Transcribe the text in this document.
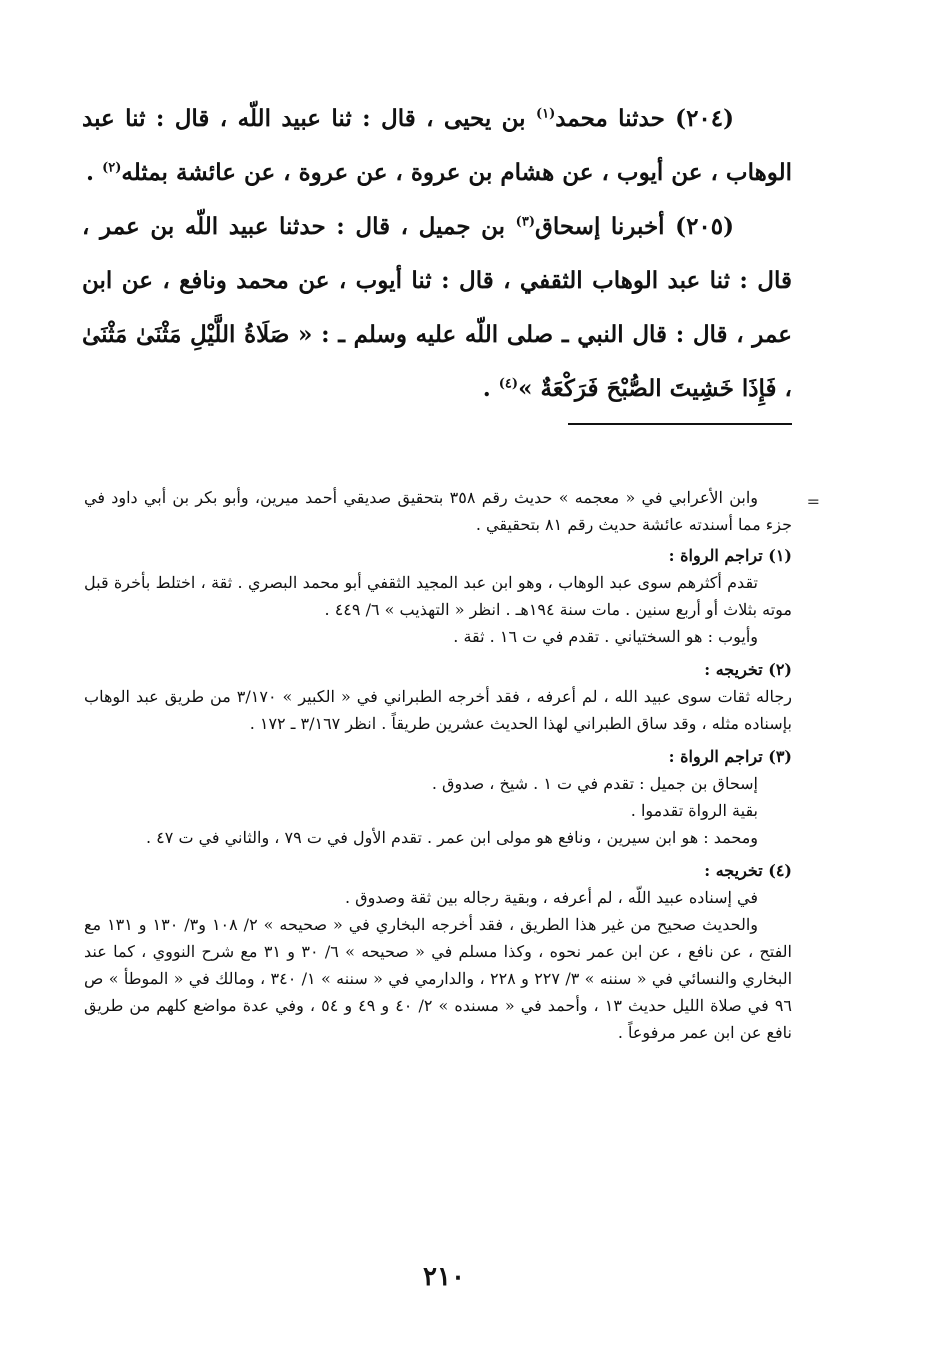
(٢٠٤) حدثنا محمد$^{(١)}$ بن يحيى ، قال : ثنا عبيد اللّه ، قال : ثنا عبد الوهاب ، عن أيوب ، عن هشام بن عروة ، عن عروة ، عن عائشة بمثله$^{(٢)}$ .

(٢٠٥) أخبرنا إسحاق$^{(٣)}$ بن جميل ، قال : حدثنا عبيد اللّه بن عمر ، قال : ثنا عبد الوهاب الثقفي ، قال : ثنا أيوب ، عن محمد ونافع ، عن ابن عمر ، قال : قال النبي ـ صلى اللّه عليه وسلم ـ : « صَلَاةُ اللَّيْلِ مَثْنَىٰ مَثْنَىٰ ، فَإِذَا خَشِيتَ الصُّبْحَ فَرَكْعَةٌ »$^{(٤)}$ .

=

وابن الأعرابي في « معجمه » حديث رقم ٣٥٨ بتحقيق صديقي أحمد ميرين، وأبو بكر بن أبي داود في جزء مما أسندته عائشة حديث رقم ٨١ بتحقيقي .

(١) تراجم الرواة :

تقدم أكثرهم سوى عبد الوهاب ، وهو ابن عبد المجيد الثقفي أبو محمد البصري . ثقة ، اختلط بأخرة قبل موته بثلاث أو أربع سنين . مات سنة ١٩٤هـ . انظر « التهذيب » ٦/ ٤٤٩ .

وأيوب : هو السختياني . تقدم في ت ١٦ . ثقة .

(٢) تخريجه :

رجاله ثقات سوى عبيد الله ، لم أعرفه ، فقد أخرجه الطبراني في « الكبير » ٣/١٧٠ من طريق عبد الوهاب بإسناده مثله ، وقد ساق الطبراني لهذا الحديث عشرين طريقاً . انظر ٣/١٦٧ ـ ١٧٢ .

(٣) تراجم الرواة :

إسحاق بن جميل : تقدم في ت ١ . شيخ ، صدوق .

بقية الرواة تقدموا .

ومحمد : هو ابن سيرين ، ونافع هو مولى ابن عمر . تقدم الأول في ت ٧٩ ، والثاني في ت ٤٧ .

(٤) تخريجه :

في إسناده عبيد اللّه ، لم أعرفه ، وبقية رجاله بين ثقة وصدوق .

والحديث صحيح من غير هذا الطريق ، فقد أخرجه البخاري في « صحيحه » ٢/ ١٠٨ و٣/ ١٣٠ و ١٣١ مع الفتح ، عن نافع ، عن ابن عمر نحوه ، وكذا مسلم في « صحيحه » ٦/ ٣٠ و ٣١ مع شرح النووي ، كما عند البخاري والنسائي في « سننه » ٣/ ٢٢٧ و ٢٢٨ ، والدارمي في « سننه » ١/ ٣٤٠ ، ومالك في « الموطأ » ص ٩٦ في صلاة الليل حديث ١٣ ، وأحمد في « مسنده » ٢/ ٤٠ و ٤٩ و ٥٤ ، وفي عدة مواضع كلهم من طريق نافع عن ابن عمر مرفوعاً .

٢١٠
